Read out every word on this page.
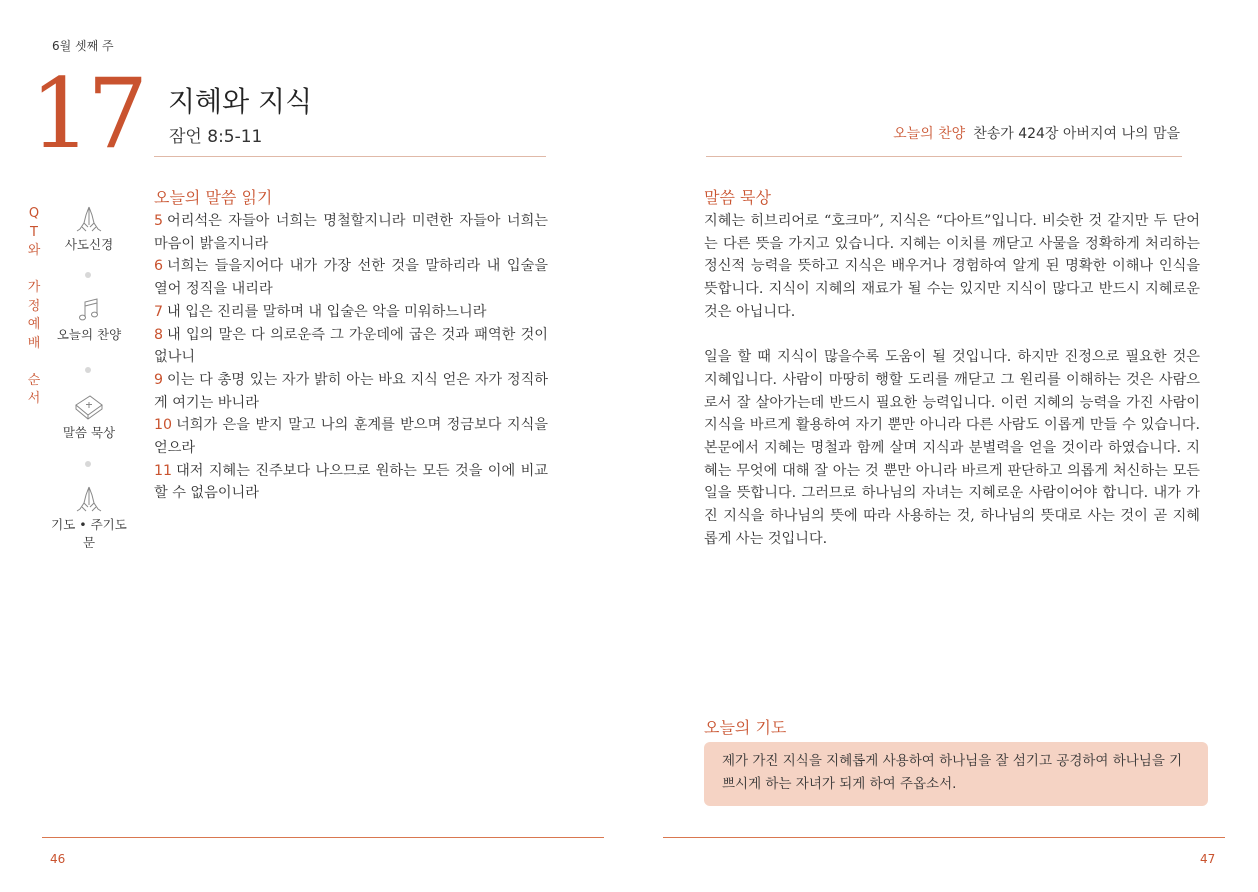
6월 셋째 주
17 지혜와 지식
잠언 8:5-11	오늘의 찬양 찬송가 424장 아버지여 나의 맘을
Q
T
와

가
정
예
배

순
서
사도신경
오늘의 찬양
말씀 묵상
기도 • 주기도문
오늘의 말씀 읽기
5 어리석은 자들아 너희는 명철할지니라 미련한 자들아 너희는 마음이 밝을지니라
6 너희는 들을지어다 내가 가장 선한 것을 말하리라 내 입술을 열어 정직을 내리라
7 내 입은 진리를 말하며 내 입술은 악을 미워하느니라
8 내 입의 말은 다 의로운즉 그 가운데에 굽은 것과 패역한 것이 없나니
9 이는 다 총명 있는 자가 밝히 아는 바요 지식 얻은 자가 정직하게 여기는 바니라
10 너희가 은을 받지 말고 나의 훈계를 받으며 정금보다 지식을 얻으라
11 대저 지혜는 진주보다 나으므로 원하는 모든 것을 이에 비교할 수 없음이니라
말씀 묵상

지혜는 히브리어로 “호크마”, 지식은 “다아트”입니다. 비슷한 것 같지만 두 단어는 다른 뜻을 가지고 있습니다. 지혜는 이치를 깨닫고 사물을 정확하게 처리하는 정신적 능력을 뜻하고 지식은 배우거나 경험하여 알게 된 명확한 이해나 인식을 뜻합니다. 지식이 지혜의 재료가 될 수는 있지만 지식이 많다고 반드시 지혜로운 것은 아닙니다.

일을 할 때 지식이 많을수록 도움이 될 것입니다. 하지만 진정으로 필요한 것은 지혜입니다. 사람이 마땅히 행할 도리를 깨닫고 그 원리를 이해하는 것은 사람으로서 잘 살아가는데 반드시 필요한 능력입니다. 이런 지혜의 능력을 가진 사람이 지식을 바르게 활용하여 자기 뿐만 아니라 다른 사람도 이롭게 만들 수 있습니다. 본문에서 지혜는 명철과 함께 살며 지식과 분별력을 얻을 것이라 하였습니다. 지혜는 무엇에 대해 잘 아는 것 뿐만 아니라 바르게 판단하고 의롭게 처신하는 모든 일을 뜻합니다. 그러므로 하나님의 자녀는 지혜로운 사람이어야 합니다. 내가 가진 지식을 하나님의 뜻에 따라 사용하는 것, 하나님의 뜻대로 사는 것이 곧 지혜롭게 사는 것입니다.

오늘의 기도
제가 가진 지식을 지혜롭게 사용하여 하나님을 잘 섬기고 공경하여 하나님을 기쁘시게 하는 자녀가 되게 하여 주옵소서.
46	47
